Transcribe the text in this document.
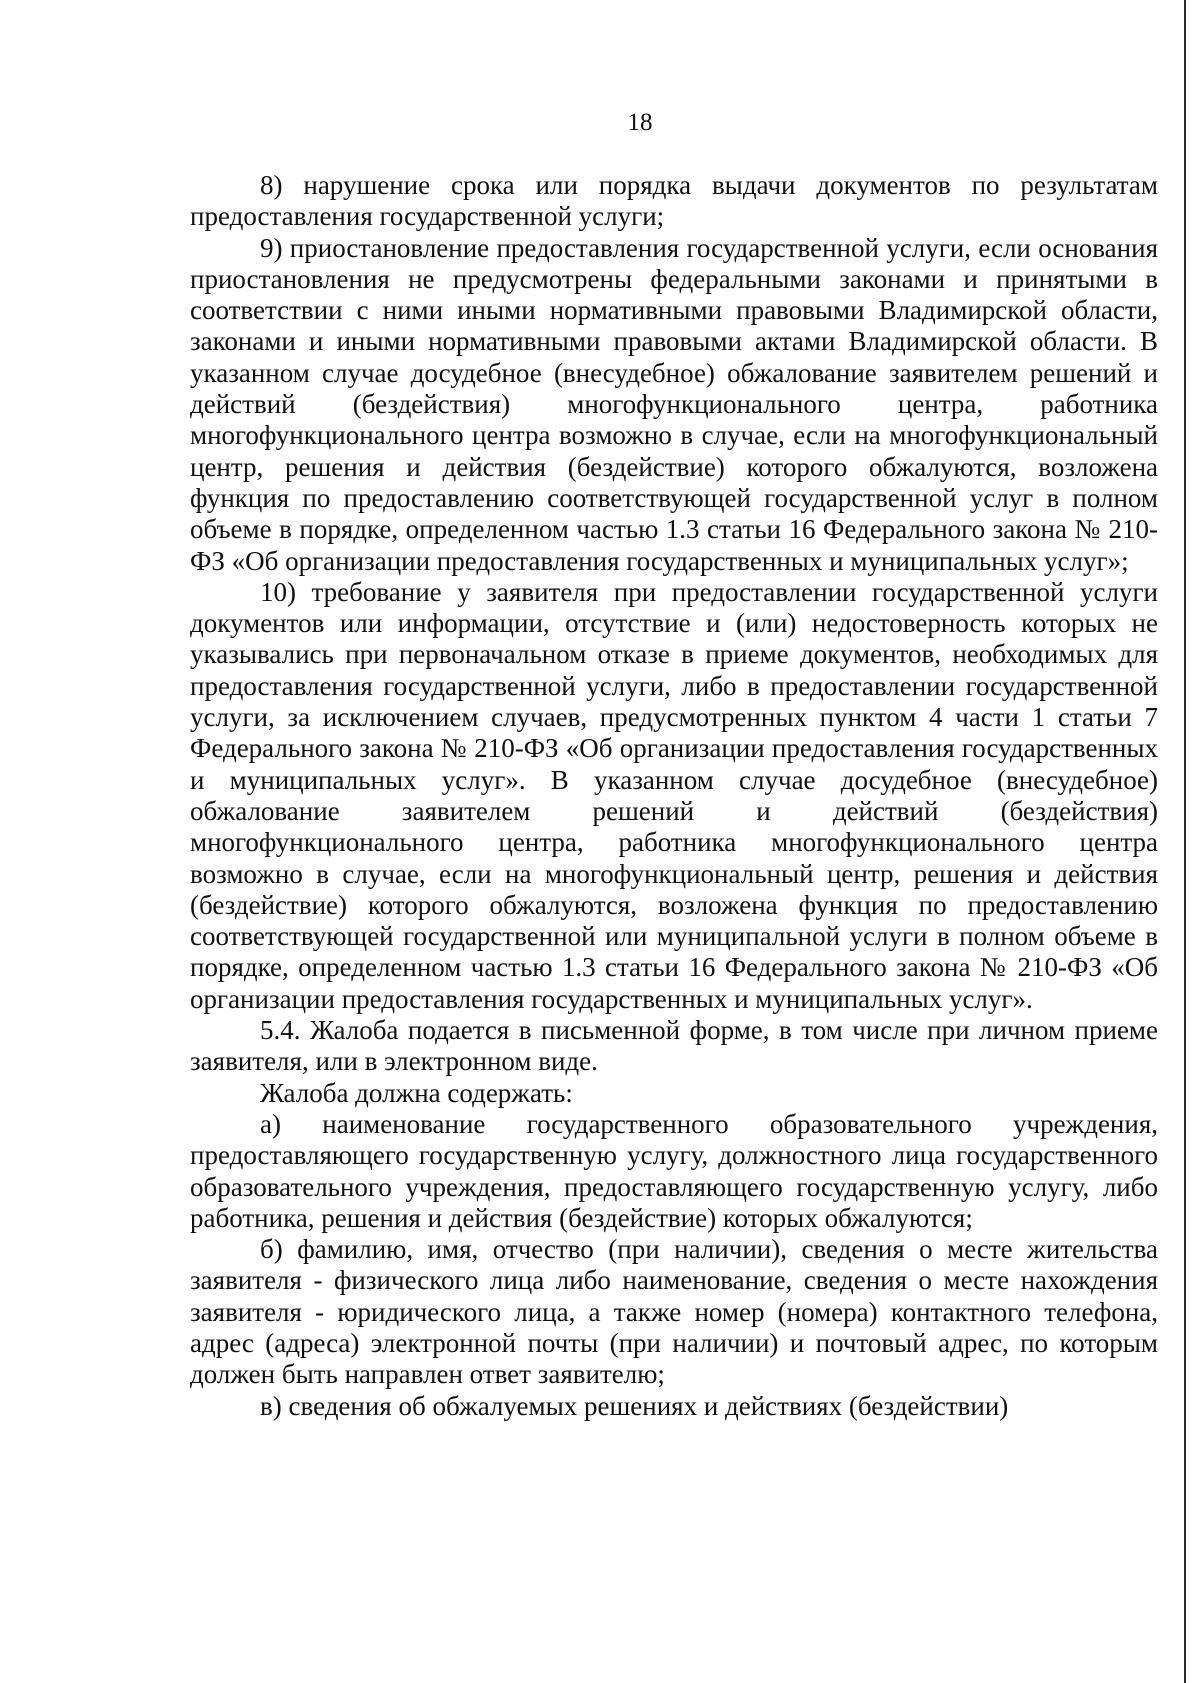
18

8) нарушение срока или порядка выдачи документов по результатам предоставления государственной услуги;

9) приостановление предоставления государственной услуги, если основания приостановления не предусмотрены федеральными законами и принятыми в соответствии с ними иными нормативными правовыми Владимирской области, законами и иными нормативными правовыми актами Владимирской области. В указанном случае досудебное (внесудебное) обжалование заявителем решений и действий (бездействия) многофункционального центра, работника многофункционального центра возможно в случае, если на многофункциональный центр, решения и действия (бездействие) которого обжалуются, возложена функция по предоставлению соответствующей государственной услуг в полном объеме в порядке, определенном частью 1.3 статьи 16 Федерального закона № 210-ФЗ «Об организации предоставления государственных и муниципальных услуг»;

10) требование у заявителя при предоставлении государственной услуги документов или информации, отсутствие и (или) недостоверность которых не указывались при первоначальном отказе в приеме документов, необходимых для предоставления государственной услуги, либо в предоставлении государственной услуги, за исключением случаев, предусмотренных пунктом 4 части 1 статьи 7 Федерального закона № 210-ФЗ «Об организации предоставления государственных и муниципальных услуг». В указанном случае досудебное (внесудебное) обжалование заявителем решений и действий (бездействия) многофункционального центра, работника многофункционального центра возможно в случае, если на многофункциональный центр, решения и действия (бездействие) которого обжалуются, возложена функция по предоставлению соответствующей государственной или муниципальной услуги в полном объеме в порядке, определенном частью 1.3 статьи 16 Федерального закона № 210-ФЗ «Об организации предоставления государственных и муниципальных услуг».

5.4. Жалоба подается в письменной форме, в том числе при личном приеме заявителя, или в электронном виде.

Жалоба должна содержать:

а) наименование государственного образовательного учреждения, предоставляющего государственную услугу, должностного лица государственного образовательного учреждения, предоставляющего государственную услугу, либо работника, решения и действия (бездействие) которых обжалуются;

б) фамилию, имя, отчество (при наличии), сведения о месте жительства заявителя - физического лица либо наименование, сведения о месте нахождения заявителя - юридического лица, а также номер (номера) контактного телефона, адрес (адреса) электронной почты (при наличии) и почтовый адрес, по которым должен быть направлен ответ заявителю;

в) сведения об обжалуемых решениях и действиях (бездействии)
